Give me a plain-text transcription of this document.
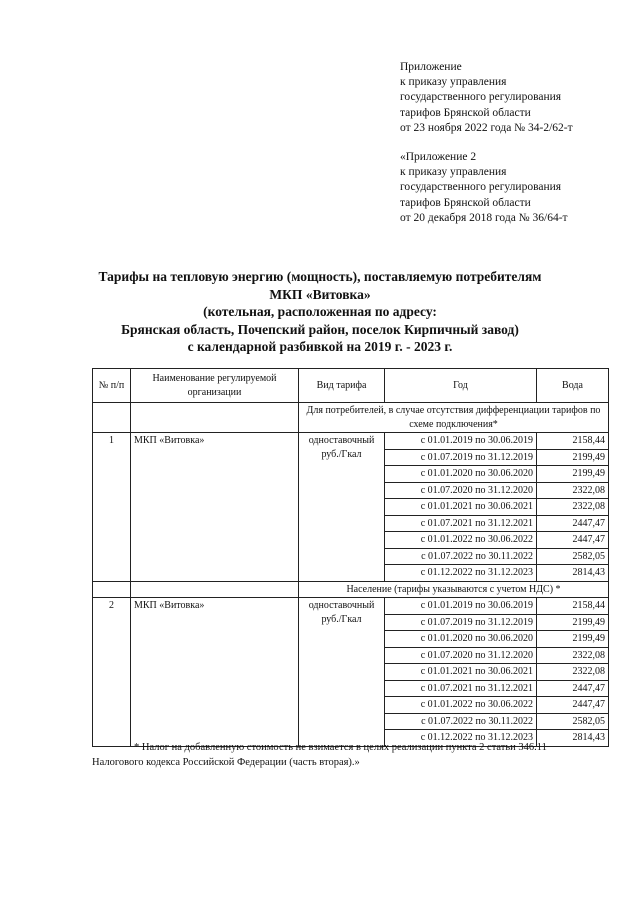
Приложение

к приказу управления

государственного регулирования

тарифов Брянской области

от 23 ноября 2022 года № 34-2/62-т

«Приложение 2

к приказу управления

государственного регулирования

тарифов Брянской области

от 20 декабря 2018 года № 36/64-т

Тарифы на тепловую энергию (мощность), поставляемую потребителям

МКП «Витовка»

(котельная, расположенная по адресу:

Брянская область, Почепский район, поселок Кирпичный завод)

с календарной разбивкой на 2019 г. - 2023 г.

№ п/п	Наименование регулируемой организации	Вид тарифа	Год	Вода
		Для потребителей, в случае отсутствия дифференциации тарифов по схеме подключения*		
1	МКП «Витовка»	одноставочный руб./Гкал	с 01.01.2019 по 30.06.2019	2158,44
			с 01.07.2019 по 31.12.2019	2199,49
			с 01.01.2020 по 30.06.2020	2199,49
			с 01.07.2020 по 31.12.2020	2322,08
			с 01.01.2021 по 30.06.2021	2322,08
			с 01.07.2021 по 31.12.2021	2447,47
			с 01.01.2022 по 30.06.2022	2447,47
			с 01.07.2022 по 30.11.2022	2582,05
			с 01.12.2022 по 31.12.2023	2814,43
		Население (тарифы указываются с учетом НДС) *		
2	МКП «Витовка»	одноставочный руб./Гкал	с 01.01.2019 по 30.06.2019	2158,44
			с 01.07.2019 по 31.12.2019	2199,49
			с 01.01.2020 по 30.06.2020	2199,49
			с 01.07.2020 по 31.12.2020	2322,08
			с 01.01.2021 по 30.06.2021	2322,08
			с 01.07.2021 по 31.12.2021	2447,47
			с 01.01.2022 по 30.06.2022	2447,47
			с 01.07.2022 по 30.11.2022	2582,05
			с 01.12.2022 по 31.12.2023	2814,43

* Налог на добавленную стоимость не взимается в целях реализации пункта 2 статьи 346.11

Налогового кодекса Российской Федерации (часть вторая).»
